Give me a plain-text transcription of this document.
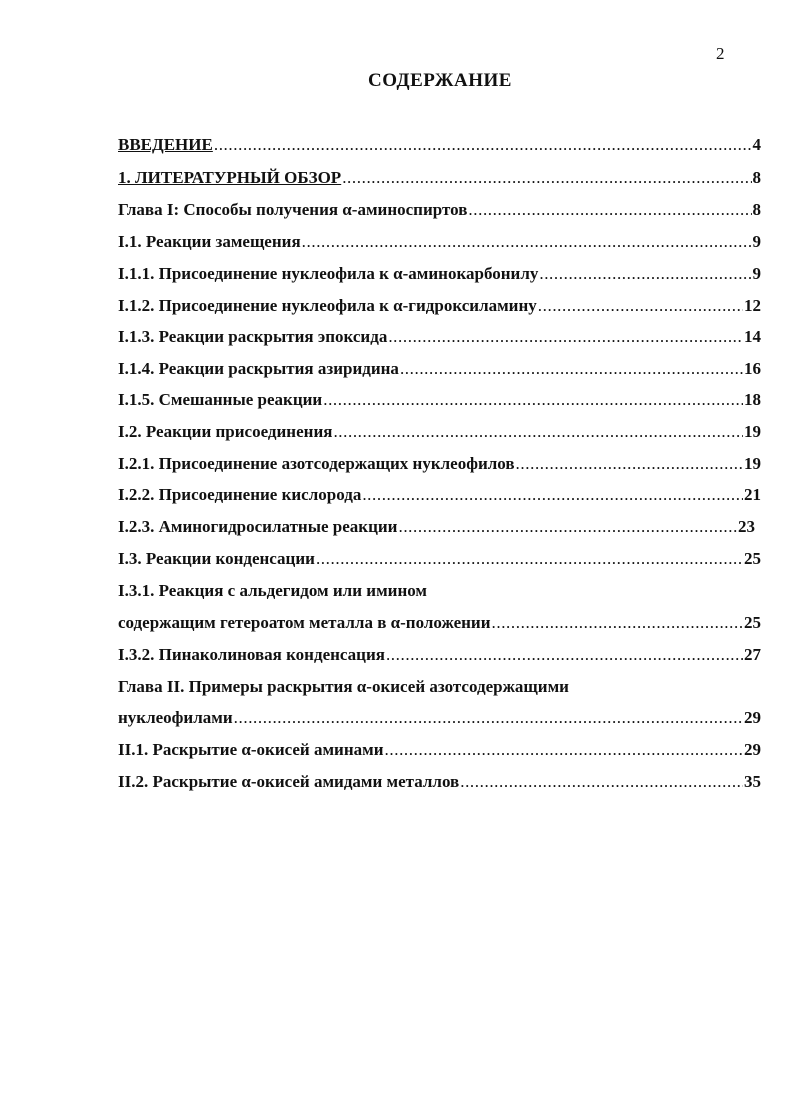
2
СОДЕРЖАНИЕ
ВВЕДЕНИЕ .....	4
1. ЛИТЕРАТУРНЫЙ ОБЗОР .....	8
Глава I: Способы получения α-аминоспиртов .....	8
I.1. Реакции замещения .....	9
I.1.1. Присоединение нуклеофила к α-аминокарбонилу .....	9
I.1.2. Присоединение нуклеофила к α-гидроксиламину .....	12
I.1.3. Реакции раскрытия эпоксида .....	14
I.1.4. Реакции раскрытия азиридина .....	16
I.1.5. Смешанные реакции .....	18
I.2. Реакции присоединения .....	19
I.2.1. Присоединение азотсодержащих нуклеофилов .....	19
I.2.2. Присоединение кислорода .....	21
I.2.3. Аминогидросилатные реакции .....	23
I.3. Реакции конденсации .....	25
I.3.1. Реакция с альдегидом или имином
содержащим гетероатом металла в α-положении .....	25
I.3.2. Пинаколиновая конденсация .....	27
Глава II. Примеры раскрытия α-окисей азотсодержащими
нуклеофилами .....	29
II.1. Раскрытие α-окисей аминами .....	29
II.2. Раскрытие α-окисей амидами металлов .....	35
